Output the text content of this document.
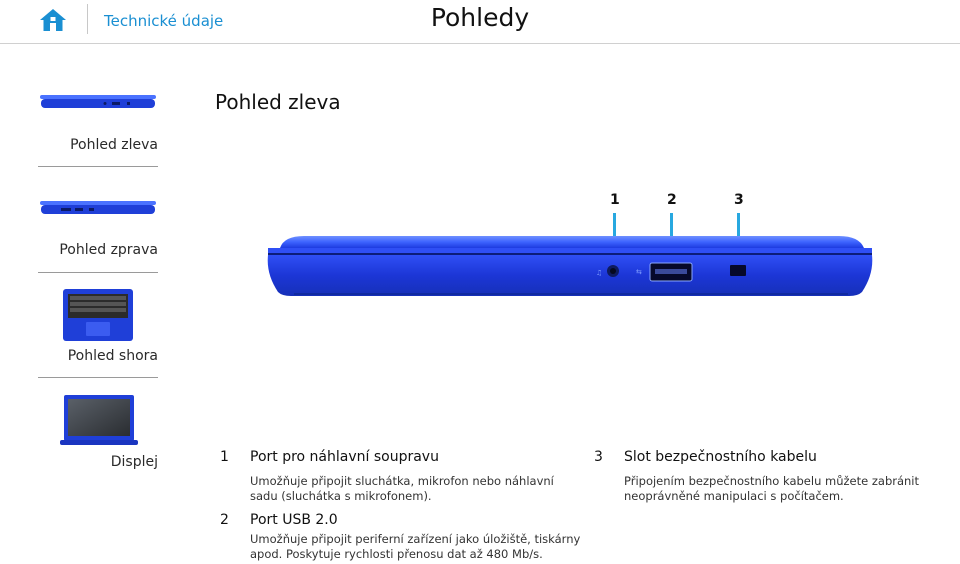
Technické údaje	Pohledy
Pohled zleva
Pohled zprava
Pohled shora
Displej
Pohled zleva
1	2	3
♫	⇆
1 Port pro náhlavní soupravu
Umožňuje připojit sluchátka, mikrofon nebo náhlavní
sadu (sluchátka s mikrofonem).
2 Port USB 2.0
Umožňuje připojit periferní zařízení jako úložiště, tiskárny
apod. Poskytuje rychlosti přenosu dat až 480 Mb/s.
3 Slot bezpečnostního kabelu
Připojením bezpečnostního kabelu můžete zabránit
neoprávněné manipulaci s počítačem.
